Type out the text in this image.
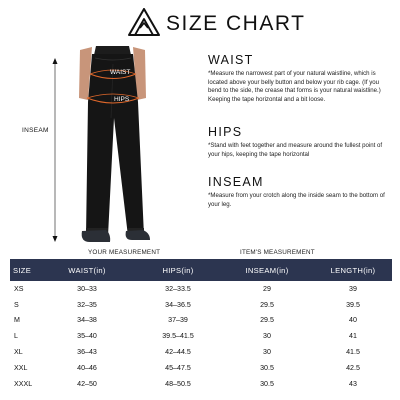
SIZE CHART
INSEAM
WAIST
HIPS
WAIST

*Measure the narrowest part of your natural waistline, which is located above your belly button and below your rib cage. (If you bend to the side, the crease that forms is your natural waistline.) Keeping the tape horizontal and a bit loose.

HIPS

*Stand with feet together and measure around the fullest point of your hips, keeping the tape horizontal

INSEAM

*Measure from your crotch along the inside seam to the bottom of your leg.

YOUR MEASUREMENT	ITEM'S MEASUREMENT
SIZE	WAIST(in)	HIPS(in)	INSEAM(in)	LENGTH(in)
XS	30–33	32–33.5	29	39
S	32–35	34–36.5	29.5	39.5
M	34–38	37–39	29.5	40
L	35–40	39.5–41.5	30	41
XL	36–43	42–44.5	30	41.5
XXL	40–46	45–47.5	30.5	42.5
XXXL	42–50	48–50.5	30.5	43
